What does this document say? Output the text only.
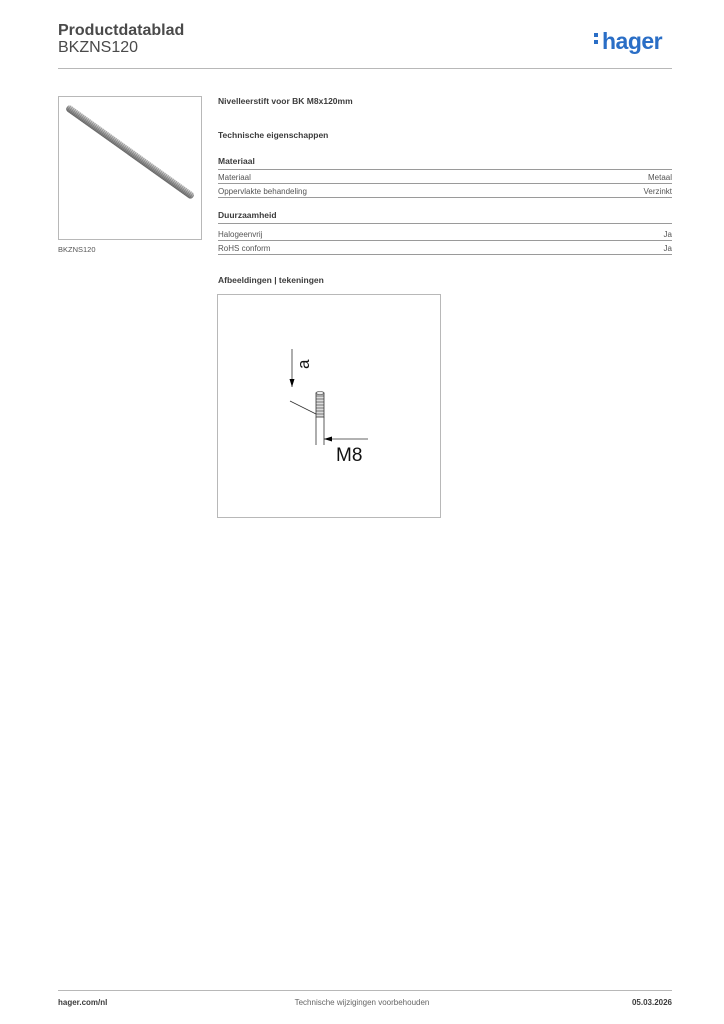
Productdatablad
BKZNS120	hager
BKZNS120
Nivelleerstift voor BK M8x120mm
Technische eigenschappen
Materiaal
Materiaal	Metaal
Oppervlakte behandeling	Verzinkt
Duurzaamheid
Halogeenvrij	Ja
RoHS conform	Ja
Afbeeldingen | tekeningen
M8
a
hager.com/nl	Technische wijzigingen voorbehouden	05.03.2026
